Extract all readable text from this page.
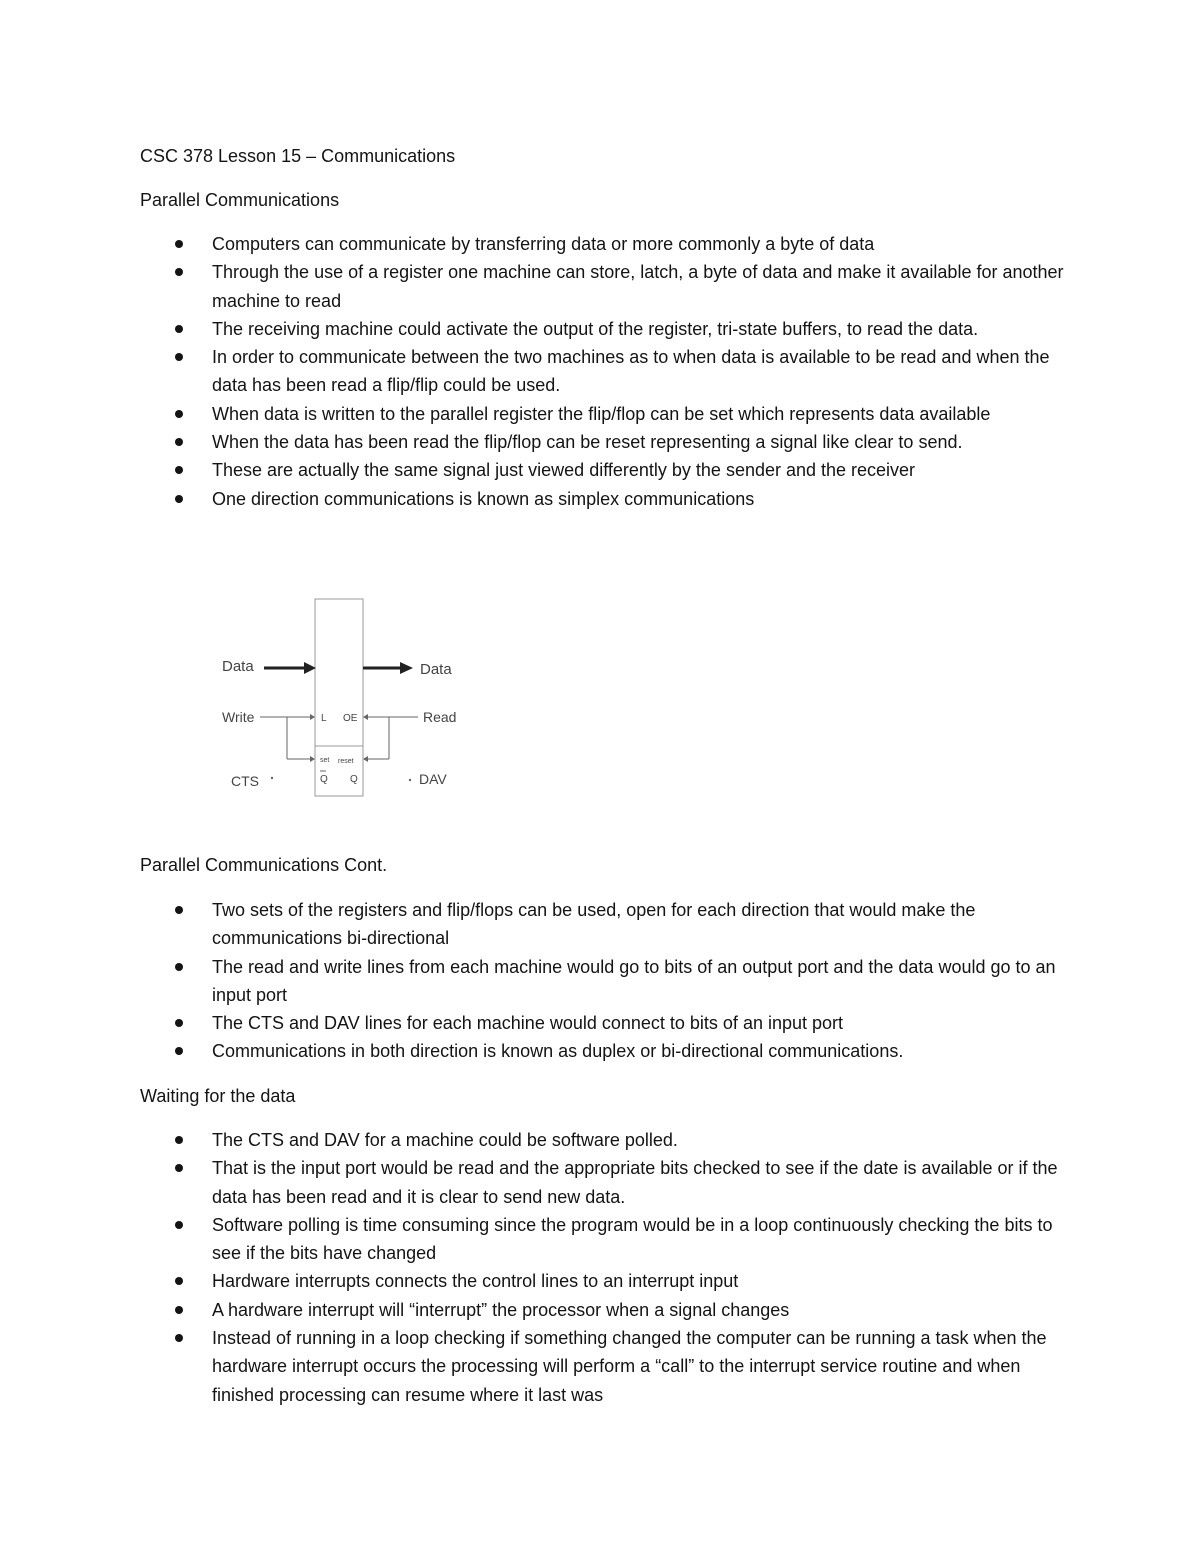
CSC 378 Lesson 15 – Communications
Parallel Communications
Computers can communicate by transferring data or more commonly a byte of data
Through the use of a register one machine can store, latch, a byte of data and make it available for another machine to read
The receiving machine could activate the output of the register, tri-state buffers, to read the data.
In order to communicate between the two machines as to when data is available to be read and when the data has been read a flip/flip could be used.
When data is written to the parallel register the flip/flop can be set which represents data available
When the data has been read the flip/flop can be reset representing a signal like clear to send.
These are actually the same signal just viewed differently by the sender and the receiver
One direction communications is known as simplex communications
Data	Data
Write	Read
L OE
set reset
Q Q
CTS	DAV
Parallel Communications Cont.
Two sets of the registers and flip/flops can be used, open for each direction that would make the communications bi-directional
The read and write lines from each machine would go to bits of an output port and the data would go to an input port
The CTS and DAV lines for each machine would connect to bits of an input port
Communications in both direction is known as duplex or bi-directional communications.
Waiting for the data
The CTS and DAV for a machine could be software polled.
That is the input port would be read and the appropriate bits checked to see if the date is available or if the data has been read and it is clear to send new data.
Software polling is time consuming since the program would be in a loop continuously checking the bits to see if the bits have changed
Hardware interrupts connects the control lines to an interrupt input
A hardware interrupt will “interrupt” the processor when a signal changes
Instead of running in a loop checking if something changed the computer can be running a task when the hardware interrupt occurs the processing will perform a “call” to the interrupt service routine and when finished processing can resume where it last was
